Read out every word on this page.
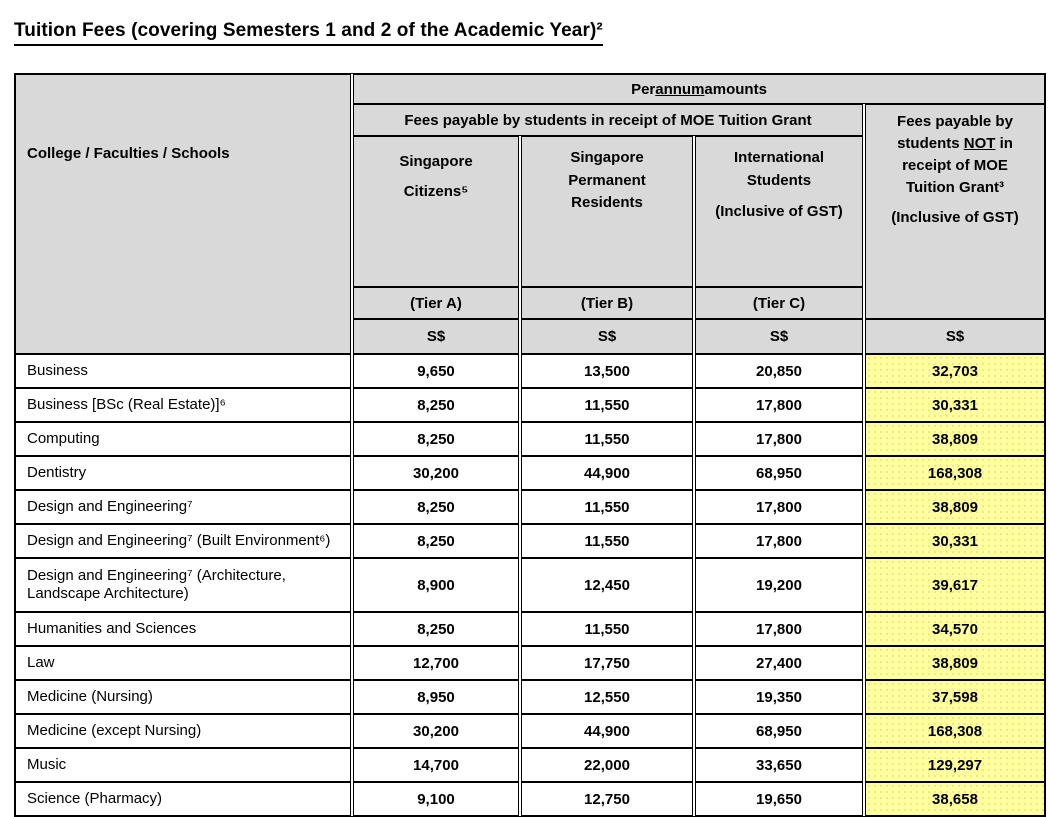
Tuition Fees (covering Semesters 1 and 2 of the Academic Year)²
College / Faculties / Schools
Per annum amounts
Fees payable by students in receipt of MOE Tuition Grant	Fees payable by students NOT in receipt of MOE Tuition Grant³
(Inclusive of GST)
Singapore
Citizens⁵
Singapore
Permanent
Residents
International
Students
(Inclusive of GST)
(Tier A)	(Tier B)	(Tier C)
S$	S$	S$	S$
Business	9,650	13,500	20,850	32,703
Business [BSc (Real Estate)]⁶	8,250	11,550	17,800	30,331
Computing	8,250	11,550	17,800	38,809
Dentistry	30,200	44,900	68,950	168,308
Design and Engineering⁷	8,250	11,550	17,800	38,809
Design and Engineering⁷ (Built Environment⁶)	8,250	11,550	17,800	30,331
Design and Engineering⁷ (Architecture, Landscape Architecture)	8,900	12,450	19,200	39,617
Humanities and Sciences	8,250	11,550	17,800	34,570
Law	12,700	17,750	27,400	38,809
Medicine (Nursing)	8,950	12,550	19,350	37,598
Medicine (except Nursing)	30,200	44,900	68,950	168,308
Music	14,700	22,000	33,650	129,297
Science (Pharmacy)	9,100	12,750	19,650	38,658
